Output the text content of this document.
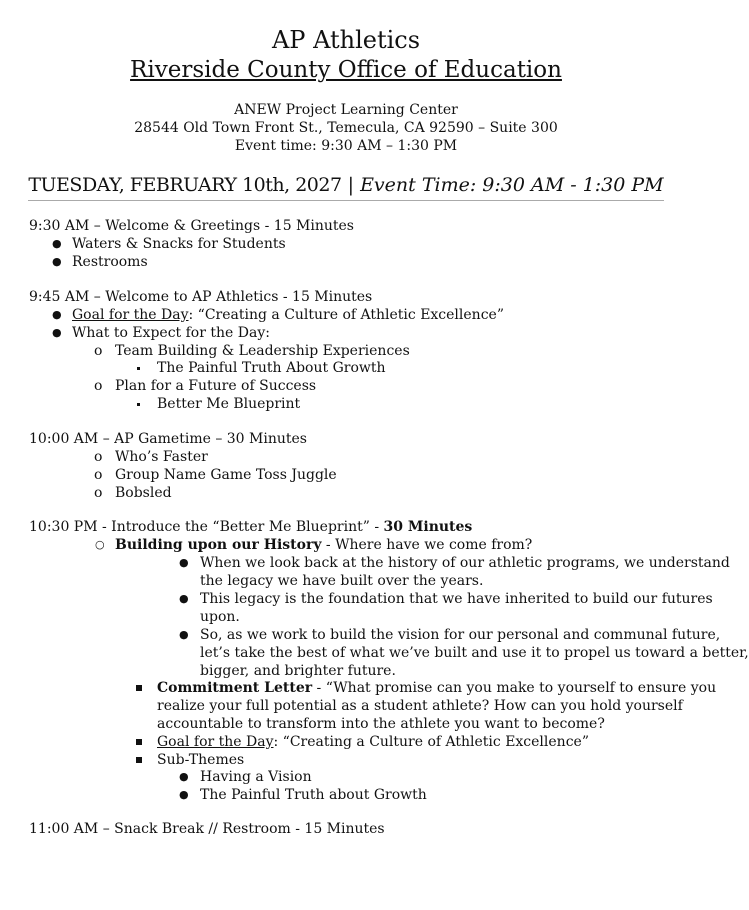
AP Athletics
Riverside County Office of Education
ANEW Project Learning Center
28544 Old Town Front St., Temecula, CA 92590 – Suite 300
Event time: 9:30 AM – 1:30 PM
TUESDAY, FEBRUARY 10th, 2027 | Event Time: 9:30 AM - 1:30 PM
9:30 AM – Welcome & Greetings - 15 Minutes
● Waters & Snacks for Students
● Restrooms
9:45 AM – Welcome to AP Athletics - 15 Minutes
● Goal for the Day: “Creating a Culture of Athletic Excellence”
● What to Expect for the Day:
o Team Building & Leadership Experiences
The Painful Truth About Growth
o Plan for a Future of Success
Better Me Blueprint
10:00 AM – AP Gametime – 30 Minutes
o Who’s Faster
o Group Name Game Toss Juggle
o Bobsled
10:30 PM - Introduce the “Better Me Blueprint” - 30 Minutes
○ Building upon our History - Where have we come from?
● When we look back at the history of our athletic programs, we understand
the legacy we have built over the years.
● This legacy is the foundation that we have inherited to build our futures
upon.
● So, as we work to build the vision for our personal and communal future,
let’s take the best of what we’ve built and use it to propel us toward a better,
bigger, and brighter future.
Commitment Letter - “What promise can you make to yourself to ensure you
realize your full potential as a student athlete? How can you hold yourself
accountable to transform into the athlete you want to become?
Goal for the Day: “Creating a Culture of Athletic Excellence”
Sub-Themes
● Having a Vision
● The Painful Truth about Growth
11:00 AM – Snack Break // Restroom - 15 Minutes
